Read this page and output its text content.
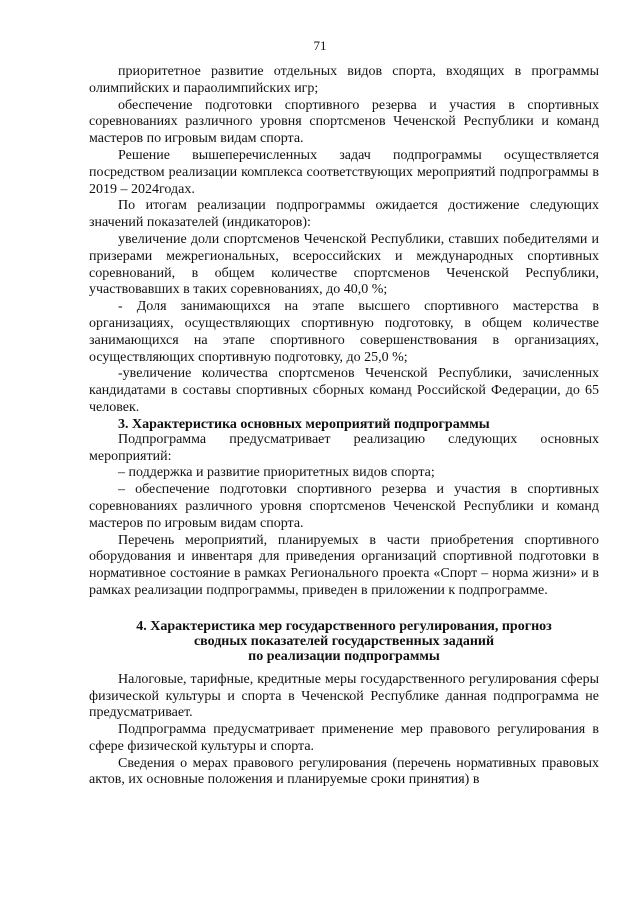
71

приоритетное развитие отдельных видов спорта, входящих в программы олимпийских и параолимпийских игр;

обеспечение подготовки спортивного резерва и участия в спортивных соревнованиях различного уровня спортсменов Чеченской Республики и команд мастеров по игровым видам спорта.

Решение вышеперечисленных задач подпрограммы осуществляется посредством реализации комплекса соответствующих мероприятий подпрограммы в 2019 – 2024годах.

По итогам реализации подпрограммы ожидается достижение следующих значений показателей (индикаторов):

увеличение доли спортсменов Чеченской Республики, ставших победителями и призерами межрегиональных, всероссийских и международных спортивных соревнований, в общем количестве спортсменов Чеченской Республики, участвовавших в таких соревнованиях, до 40,0 %;

- Доля занимающихся на этапе высшего спортивного мастерства в организациях, осуществляющих спортивную подготовку, в общем количестве занимающихся на этапе спортивного совершенствования в организациях, осуществляющих спортивную подготовку, до 25,0 %;

-увеличение количества спортсменов Чеченской Республики, зачисленных кандидатами в составы спортивных сборных команд Российской Федерации, до 65 человек.

3. Характеристика основных мероприятий подпрограммы

Подпрограмма предусматривает реализацию следующих основных мероприятий:

– поддержка и развитие приоритетных видов спорта;

– обеспечение подготовки спортивного резерва и участия в спортивных соревнованиях различного уровня спортсменов Чеченской Республики и команд мастеров по игровым видам спорта.

Перечень мероприятий, планируемых в части приобретения спортивного оборудования и инвентаря для приведения организаций спортивной подготовки в нормативное состояние в рамках Регионального проекта «Спорт – норма жизни» и в рамках реализации подпрограммы, приведен в приложении к подпрограмме.

4. Характеристика мер государственного регулирования, прогноз
сводных показателей государственных заданий
по реализации подпрограммы

Налоговые, тарифные, кредитные меры государственного регулирования сферы физической культуры и спорта в Чеченской Республике данная подпрограмма не предусматривает.

Подпрограмма предусматривает применение мер правового регулирования в сфере физической культуры и спорта.

Сведения о мерах правового регулирования (перечень нормативных правовых актов, их основные положения и планируемые сроки принятия) в
